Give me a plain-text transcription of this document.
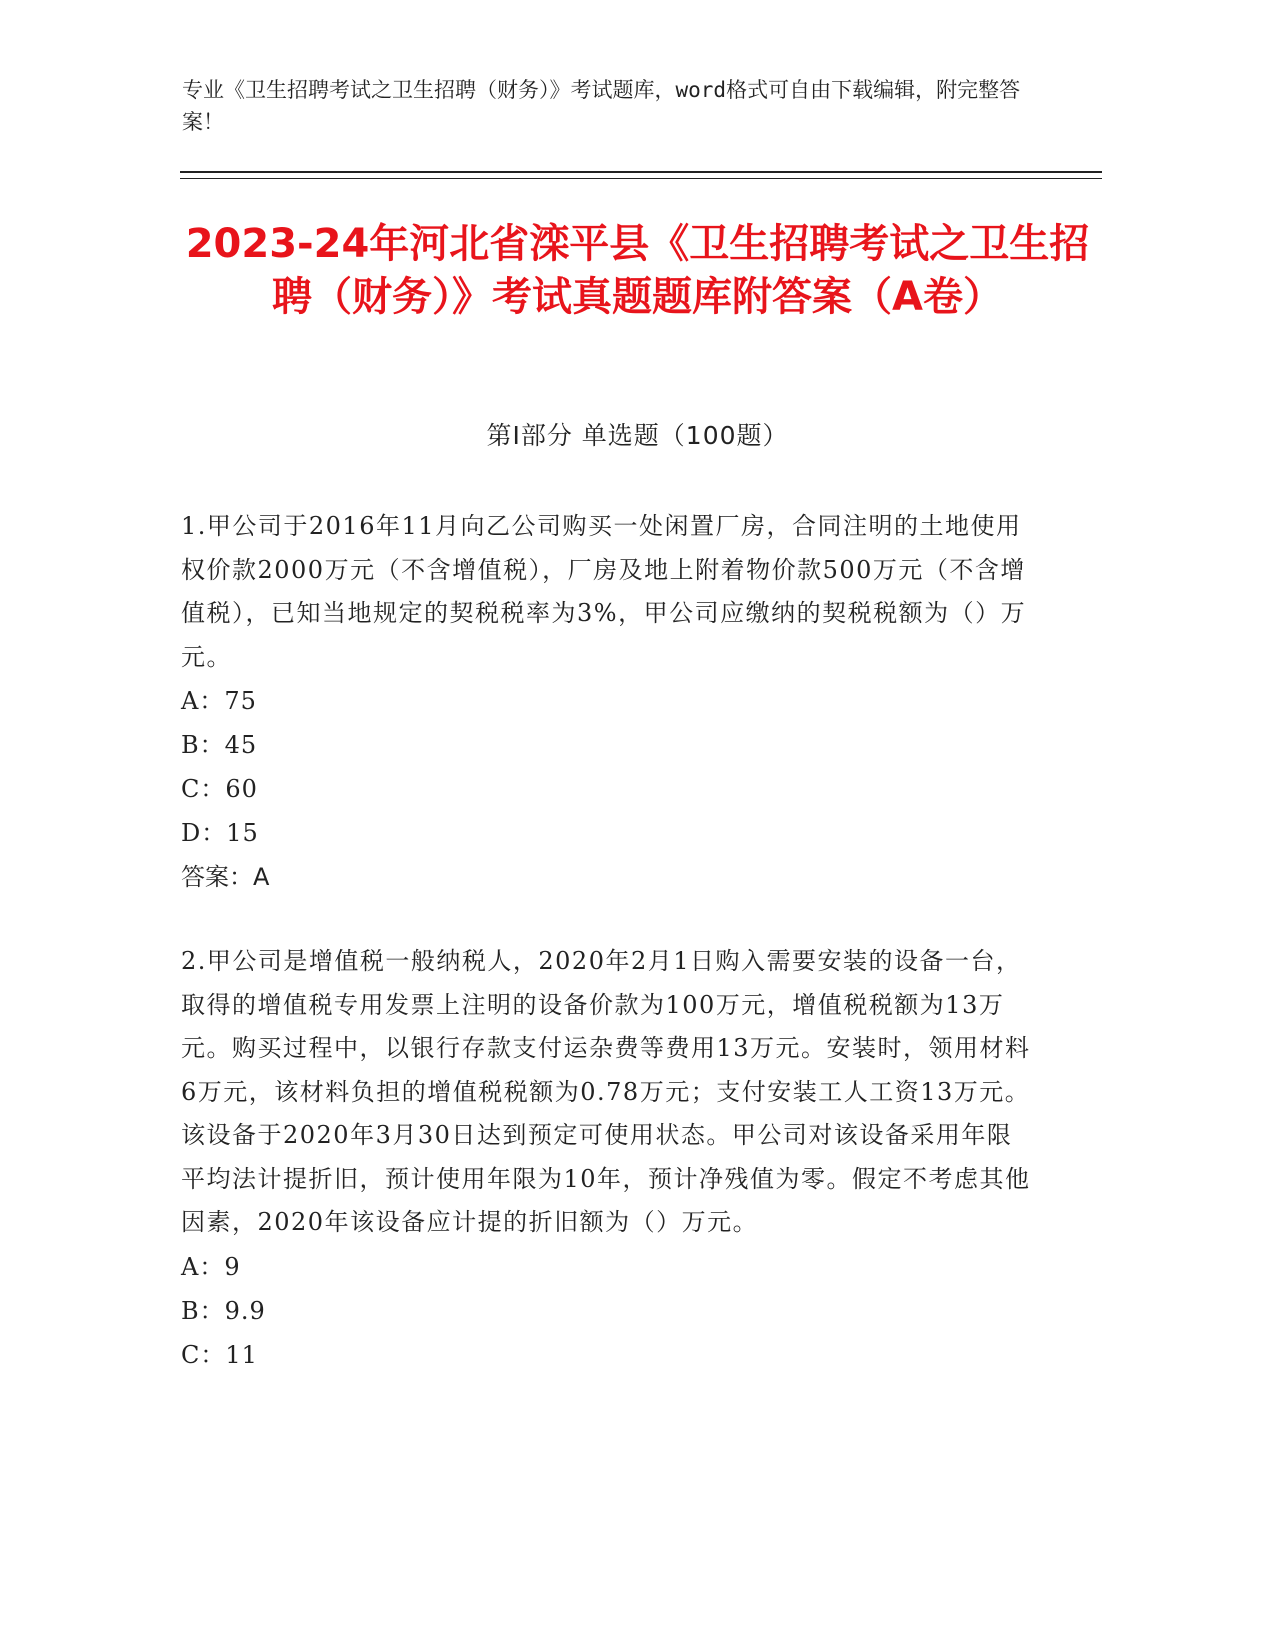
专业《卫生招聘考试之卫生招聘（财务）》考试题库，word格式可自由下载编辑，附完整答案！
2023-24年河北省滦平县《卫生招聘考试之卫生招聘（财务）》考试真题题库附答案（A卷）
第Ⅰ部分 单选题（100题）
1.甲公司于2016年11月向乙公司购买一处闲置厂房，合同注明的土地使用权价款2000万元（不含增值税），厂房及地上附着物价款500万元（不含增值税），已知当地规定的契税税率为3%，甲公司应缴纳的契税税额为（）万元。
A：75
B：45
C：60
D：15
答案：A
2.甲公司是增值税一般纳税人，2020年2月1日购入需要安装的设备一台，取得的增值税专用发票上注明的设备价款为100万元，增值税税额为13万元。购买过程中，以银行存款支付运杂费等费用13万元。安装时，领用材料6万元，该材料负担的增值税税额为0.78万元；支付安装工人工资13万元。该设备于2020年3月30日达到预定可使用状态。甲公司对该设备采用年限平均法计提折旧，预计使用年限为10年，预计净残值为零。假定不考虑其他因素，2020年该设备应计提的折旧额为（）万元。
A：9
B：9.9
C：11
